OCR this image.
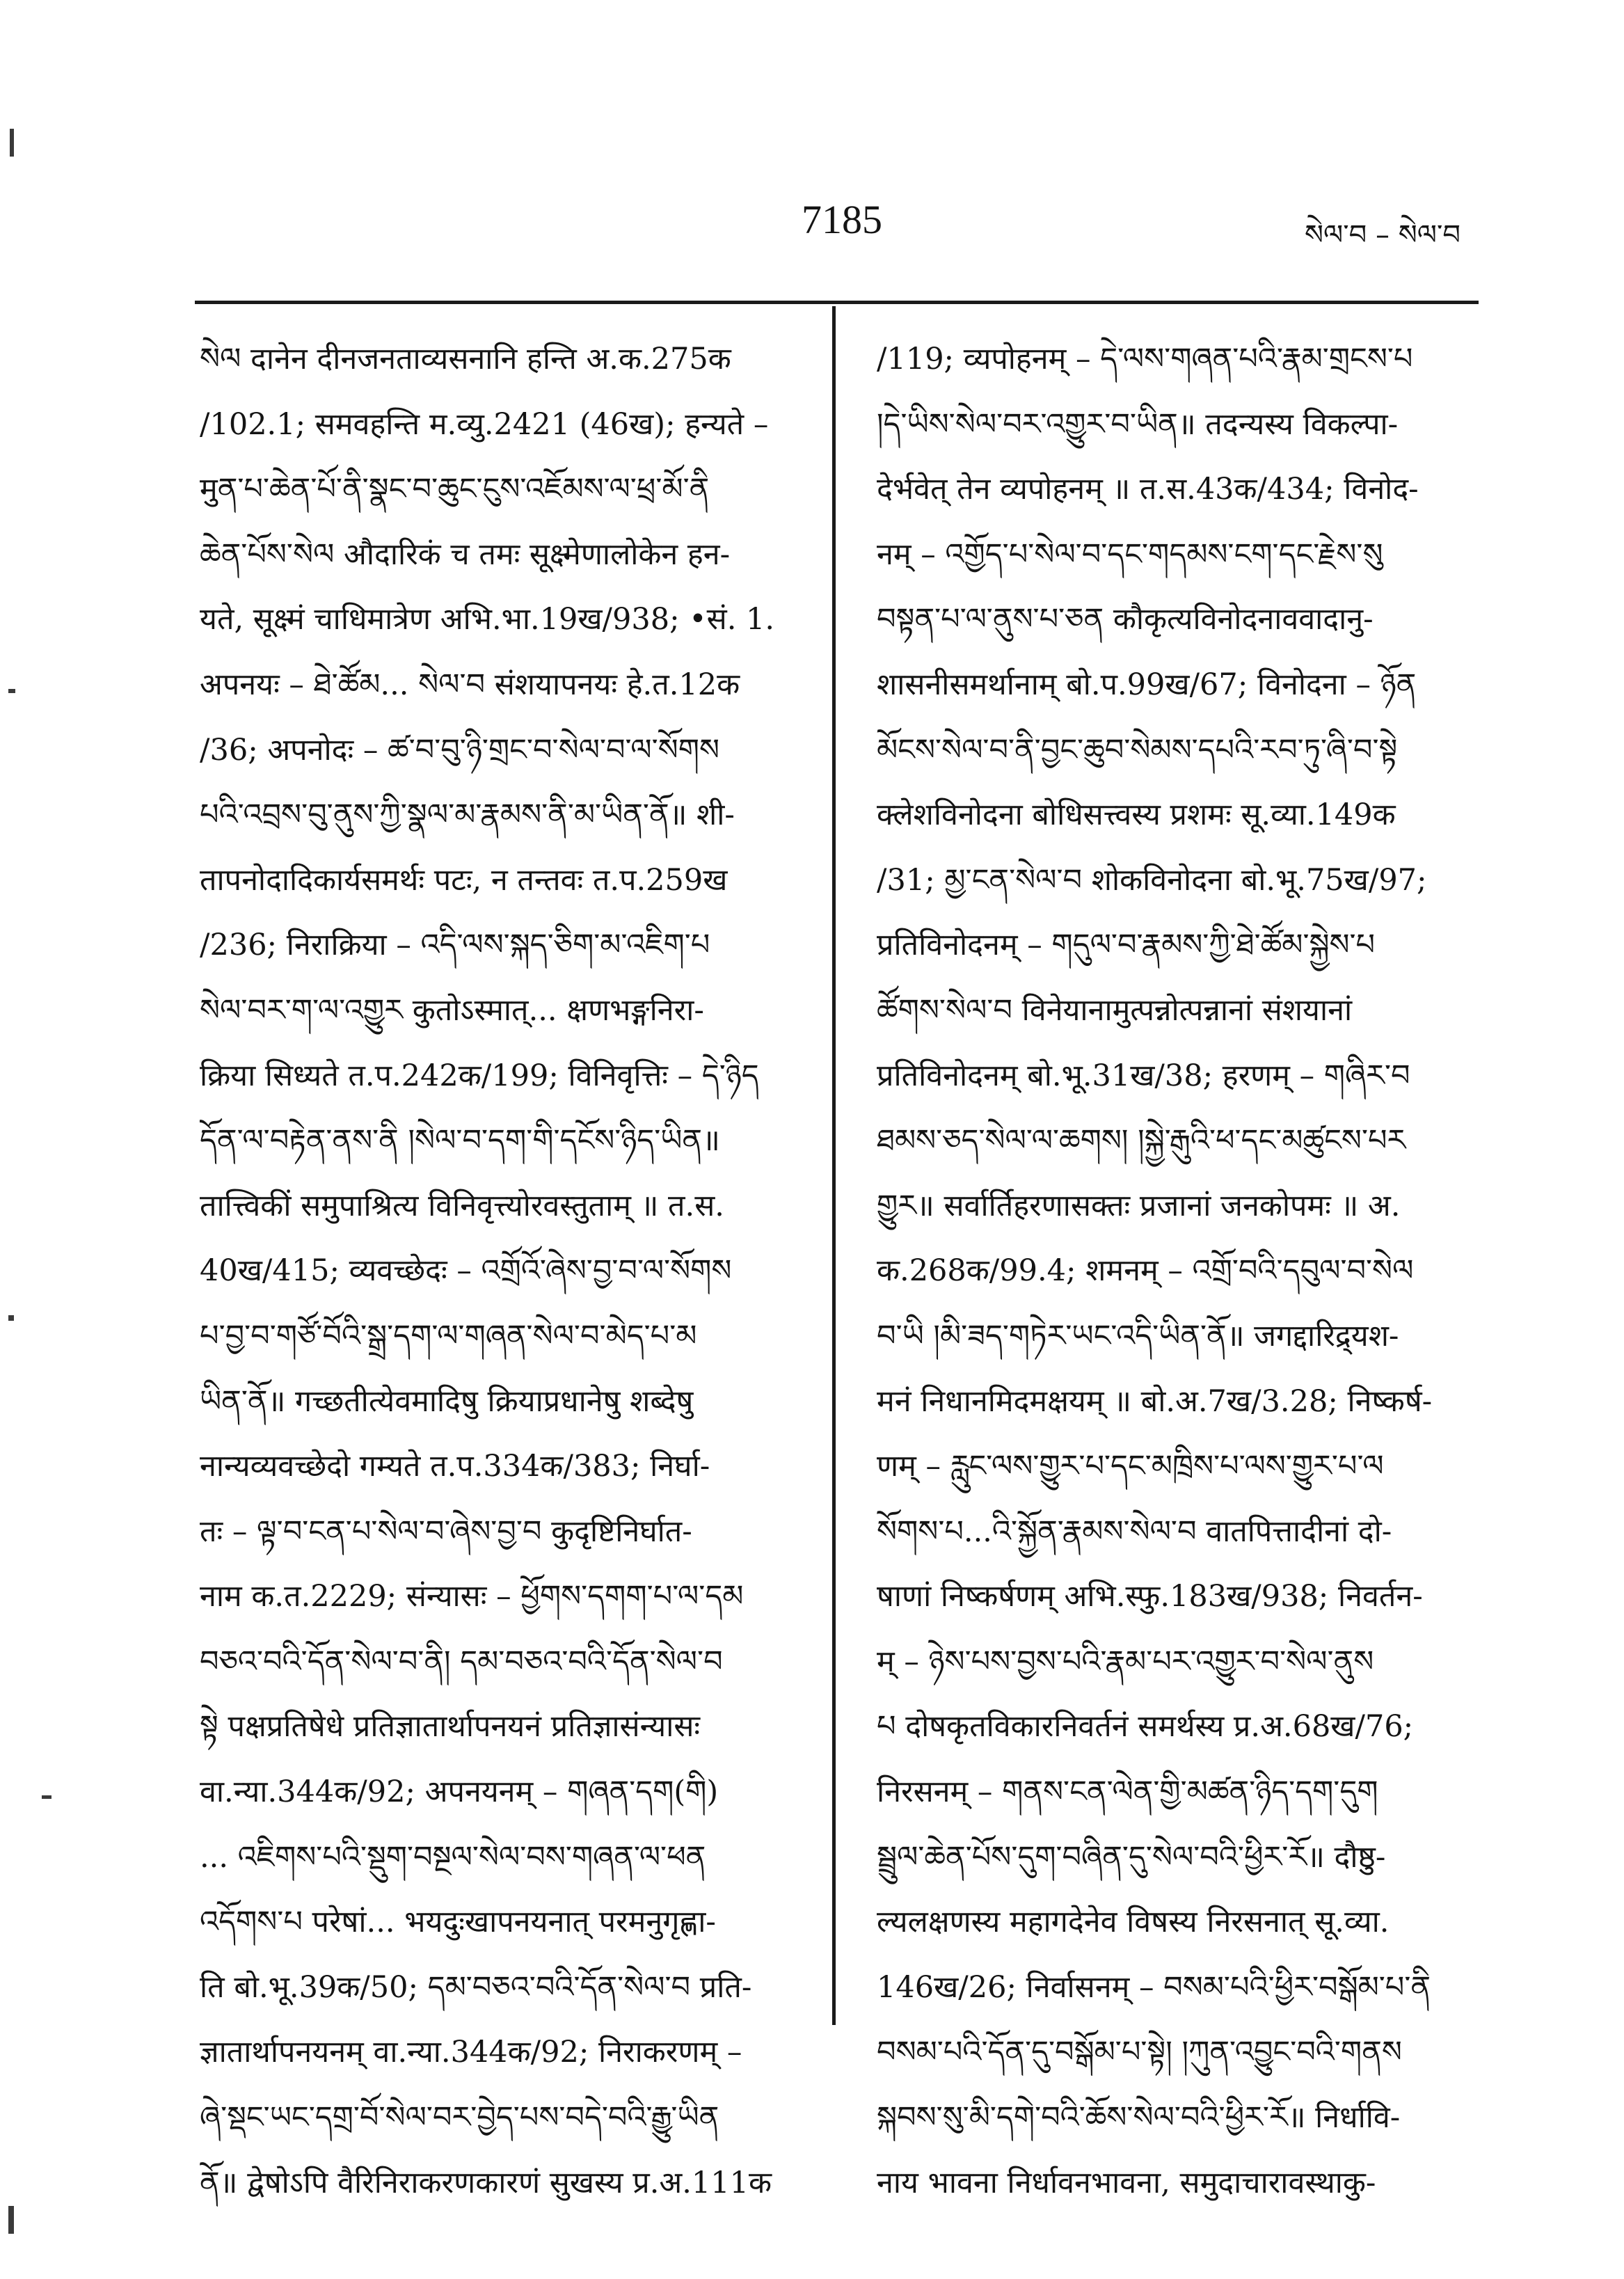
7185	སེལ་བ – སེལ་བ
སེལ दानेन दीनजनताव्यसनानि हन्ति अ.क.275क
/102.1; समवहन्ति म.व्यु.2421 (46ख); हन्यते –
मुན་པ་ཆེན་པོ་ནི་སྣང་བ་ཆུང་ངུས་འཇོམས་ལ་ཕྲ་མོ་ནི
ཆེན་པོས་སེལ औदारिकं च तमः सूक्ष्मेणालोकेन हन-
यते, सूक्ष्मं चाधिमात्रेण अभि.भा.19ख/938; •सं. 1.
अपनयः – ཐེ་ཚོམ... སེལ་བ संशयापनयः हे.त.12क
/36; अपनोदः – ཚ་བ་བུ་ཉི་གྲང་བ་སེལ་བ་ལ་སོགས
པའི་འབྲས་བུ་ནུས་ཀྱི་སྣལ་མ་རྣམས་ནི་མ་ཡིན་ནོ॥ शी-
तापनोदादिकार्यसमर्थः पटः, न तन्तवः त.प.259ख
/236; निराक्रिया – འདི་ལས་སྐད་ཅིག་མ་འཇིག་པ
སེལ་བར་ག་ལ་འགྱུར कुतोऽस्मात्... क्षणभङ्गनिरा-
क्रिया सिध्यते त.प.242क/199; विनिवृत्तिः – དེ་ཉིད
དོན་ལ་བརྟེན་ནས་ནི །སེལ་བ་དག་གི་དངོས་ཉིད་ཡིན॥
तात्त्विकीं समुपाश्रित्य विनिवृत्त्योरवस्तुताम् ॥ त.स.
40ख/415; व्यवच्छेदः – འགྲོའོ་ཞེས་བྱ་བ་ལ་སོགས
པ་བྱ་བ་གཙོ་བོའི་སྒྲ་དག་ལ་གཞན་སེལ་བ་མེད་པ་མ
ཡིན་ནོ॥ गच्छतीत्येवमादिषु क्रियाप्रधानेषु शब्देषु
नान्यव्यवच्छेदो गम्यते त.प.334क/383; निर्घा-
तः – ལྟ་བ་ངན་པ་སེལ་བ་ཞེས་བྱ་བ कुदृष्टिनिर्घात-
नाम क.त.2229; संन्यासः – ཕྱོགས་དགག་པ་ལ་དམ
བཅའ་བའི་དོན་སེལ་བ་ནི། དམ་བཅའ་བའི་དོན་སེལ་བ
སྟེ पक्षप्रतिषेधे प्रतिज्ञातार्थापनयनं प्रतिज्ञासंन्यासः
वा.न्या.344क/92; अपनयनम् – གཞན་དག(གི)
... འཇིགས་པའི་སྡུག་བསྔལ་སེལ་བས་གཞན་ལ་ཕན
འདོགས་པ परेषां... भयदुःखापनयनात् परमनुगृह्णा-
ति बो.भू.39क/50; དམ་བཅའ་བའི་དོན་སེལ་བ प्रति-
ज्ञातार्थापनयनम् वा.न्या.344क/92; निराकरणम् –
ཞེ་སྡང་ཡང་དགྲ་བོ་སེལ་བར་བྱེད་པས་བདེ་བའི་རྒྱུ་ཡིན
ནོ॥ द्वेषोऽपि वैरिनिराकरणकारणं सुखस्य प्र.अ.111क
/119; व्यपोहनम् – དེ་ལས་གཞན་པའི་རྣམ་གྲངས་པ
།དེ་ཡིས་སེལ་བར་འགྱུར་བ་ཡིན॥ तदन्यस्य विकल्पा-
देर्भवेत् तेन व्यपोहनम् ॥ त.स.43क/434; विनोद-
नम् – འགྱོད་པ་སེལ་བ་དང་གདམས་ངག་དང་རྗེས་སུ
བསྟན་པ་ལ་ནུས་པ་ཅན कौकृत्यविनोदनाववादानु-
शासनीसमर्थानाम् बो.प.99ख/67; विनोदना – ཉོན
མོངས་སེལ་བ་ནི་བྱང་ཆུབ་སེམས་དཔའི་རབ་ཏུ་ཞི་བ་སྟེ
क्लेशविनोदना बोधिसत्त्वस्य प्रशमः सू.व्या.149क
/31; མྱ་ངན་སེལ་བ शोकविनोदना बो.भू.75ख/97;
प्रतिविनोदनम् – གདུལ་བ་རྣམས་ཀྱི་ཐེ་ཚོམ་སྐྱེས་པ
ཚོགས་སེལ་བ विनेयानामुत्पन्नोत्पन्नानां संशयानां
प्रतिविनोदनम् बो.भू.31ख/38; हरणम् – གཞིར་བ
ཐམས་ཅད་སེལ་ལ་ཆགས། །སྐྱེ་རྒུའི་ཕ་དང་མཚུངས་པར
གྱུར॥ सर्वार्तिहरणासक्तः प्रजानां जनकोपमः ॥ अ.
क.268क/99.4; शमनम् – འགྲོ་བའི་དབུལ་བ་སེལ
བ་ཡི །མི་ཟད་གཏེར་ཡང་འདི་ཡིན་ནོ॥ जगद्दारिद्र्यश-
मनं निधानमिदमक्षयम् ॥ बो.अ.7ख/3.28; निष्कर्ष-
णम् – རླུང་ལས་གྱུར་པ་དང་མཁྲིས་པ་ལས་གྱུར་པ་ལ
སོགས་པ...འི་སྐྱོན་རྣམས་སེལ་བ वातपित्तादीनां दो-
षाणां निष्कर्षणम् अभि.स्फु.183ख/938; निवर्तन-
म् – ཉེས་པས་བྱས་པའི་རྣམ་པར་འགྱུར་བ་སེལ་ནུས
པ दोषकृतविकारनिवर्तनं समर्थस्य प्र.अ.68ख/76;
निरसनम् – གནས་ངན་ལེན་གྱི་མཚན་ཉིད་དག་དུག
སྦྲུལ་ཆེན་པོས་དུག་བཞིན་དུ་སེལ་བའི་ཕྱིར་རོ॥ दौष्ठु-
ल्यलक्षणस्य महागदेनेव विषस्य निरसनात् सू.व्या.
146ख/26; निर्वासनम् – བསམ་པའི་ཕྱིར་བསྒོམ་པ་ནི
བསམ་པའི་དོན་དུ་བསྒོམ་པ་སྟེ། །ཀུན་འབྱུང་བའི་གནས
སྐབས་སུ་མི་དགེ་བའི་ཆོས་སེལ་བའི་ཕྱིར་རོ॥ निर्धावि-
नाय भावना निर्धावनभावना, समुदाचारावस्थाकु-
